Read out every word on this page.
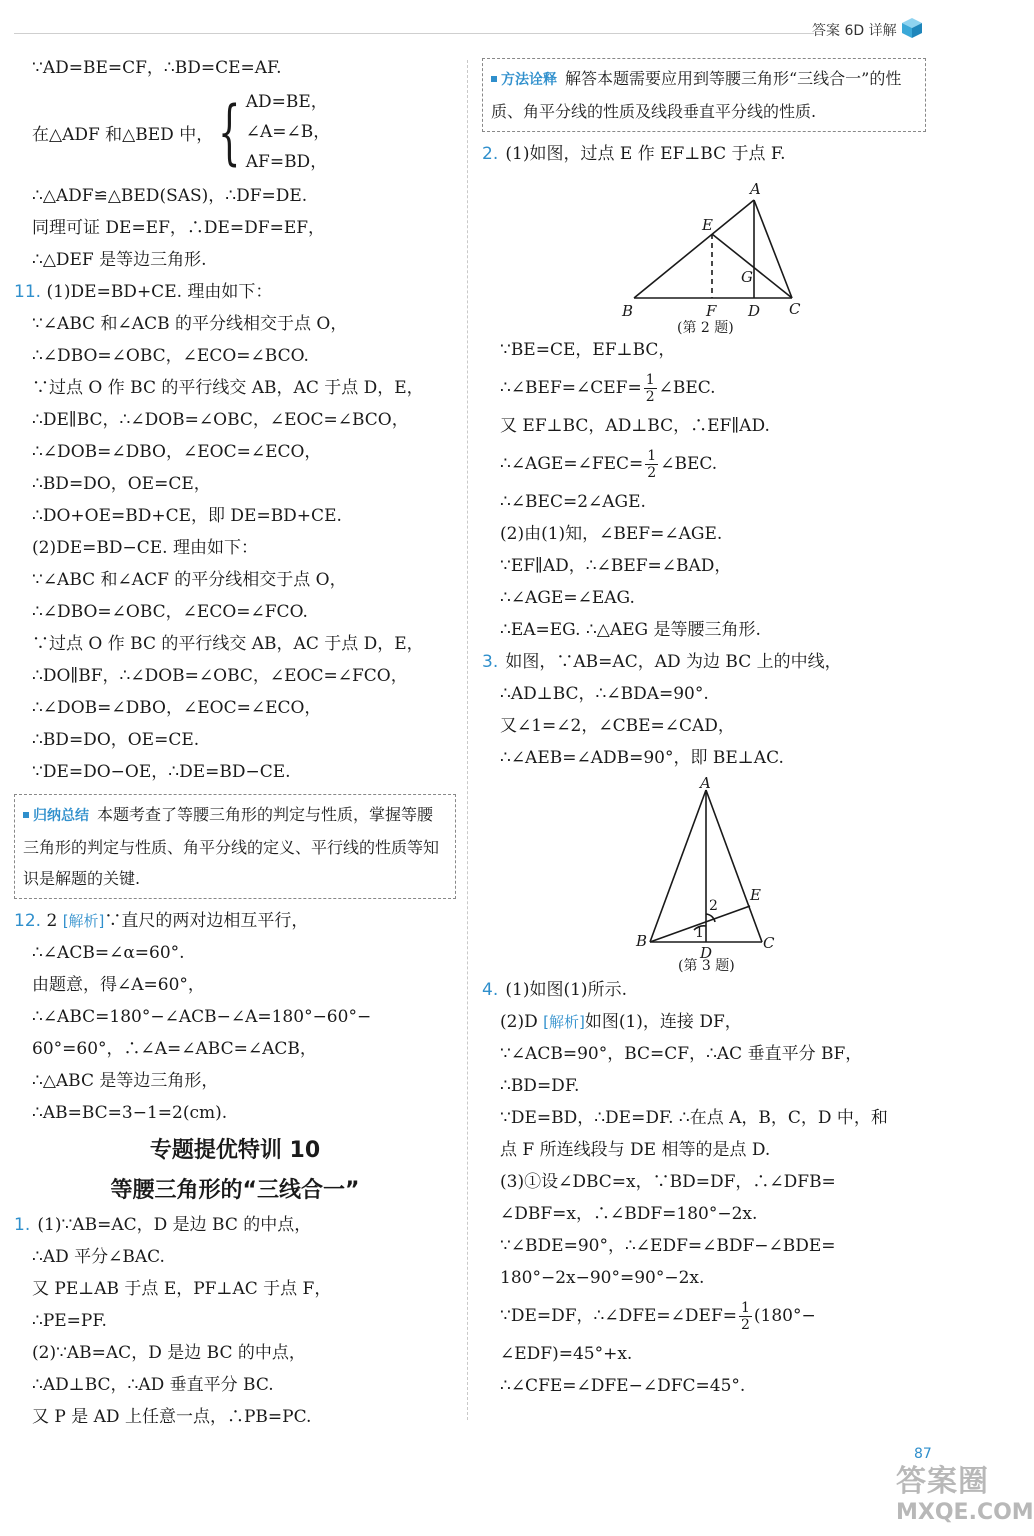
答案 6D 详解
∵AD=BE=CF，∴BD=CE=AF.
在△ADF 和△BED 中， { AD=BE，
∠A=∠B，
AF=BD，
∴△ADF≌△BED(SAS)，∴DF=DE.
同理可证 DE=EF，∴DE=DF=EF，
∴△DEF 是等边三角形.
11. (1)DE=BD+CE. 理由如下：
∵∠ABC 和∠ACB 的平分线相交于点 O，
∴∠DBO=∠OBC，∠ECO=∠BCO.
∵过点 O 作 BC 的平行线交 AB，AC 于点 D，E，
∴DE∥BC，∴∠DOB=∠OBC，∠EOC=∠BCO，
∴∠DOB=∠DBO，∠EOC=∠ECO，
∴BD=DO，OE=CE，
∴DO+OE=BD+CE，即 DE=BD+CE.
(2)DE=BD−CE. 理由如下：
∵∠ABC 和∠ACF 的平分线相交于点 O，
∴∠DBO=∠OBC，∠ECO=∠FCO.
∵过点 O 作 BC 的平行线交 AB，AC 于点 D，E，
∴DO∥BF，∴∠DOB=∠OBC，∠EOC=∠FCO，
∴∠DOB=∠DBO，∠EOC=∠ECO，
∴BD=DO，OE=CE.
∵DE=DO−OE，∴DE=BD−CE.
归纳总结 本题考查了等腰三角形的判定与性质，掌握等腰三角形的判定与性质、角平分线的定义、平行线的性质等知识是解题的关键.
12. 2 [解析]∵直尺的两对边相互平行，
∴∠ACB=∠α=60°.
由题意，得∠A=60°，
∴∠ABC=180°−∠ACB−∠A=180°−60°−
60°=60°，∴∠A=∠ABC=∠ACB，
∴△ABC 是等边三角形，
∴AB=BC=3−1=2(cm).
专题提优特训 10
等腰三角形的“三线合一”
1. (1)∵AB=AC，D 是边 BC 的中点，
∴AD 平分∠BAC.
又 PE⊥AB 于点 E，PF⊥AC 于点 F，
∴PE=PF.
(2)∵AB=AC，D 是边 BC 的中点，
∴AD⊥BC，∴AD 垂直平分 BC.
又 P 是 AD 上任意一点，∴PB=PC.
方法诠释 解答本题需要应用到等腰三角形“三线合一”的性质、角平分线的性质及线段垂直平分线的性质.
2. (1)如图，过点 E 作 EF⊥BC 于点 F.
A
E
G
B	F D C
(第 2 题)
∵BE=CE，EF⊥BC，
∴∠BEF=∠CEF= $\frac{1}{2}$ ∠BEC.
又 EF⊥BC，AD⊥BC，∴EF∥AD.
∴∠AGE=∠FEC= $\frac{1}{2}$ ∠BEC.
∴∠BEC=2∠AGE.
(2)由(1)知，∠BEF=∠AGE.
∵EF∥AD，∴∠BEF=∠BAD，
∴∠AGE=∠EAG.
∴EA=EG. ∴△AEG 是等腰三角形.
3. 如图，∵AB=AC，AD 为边 BC 上的中线，
∴AD⊥BC，∴∠BDA=90°.
又∠1=∠2，∠CBE=∠CAD，
∴∠AEB=∠ADB=90°，即 BE⊥AC.
A
E
2
1
B
D
C
(第 3 题)
4. (1)如图(1)所示.
(2)D [解析]如图(1)，连接 DF，
∵∠ACB=90°，BC=CF，∴AC 垂直平分 BF，
∴BD=DF.
∵DE=BD，∴DE=DF. ∴在点 A，B，C，D 中，和
点 F 所连线段与 DE 相等的是点 D.
(3)①设∠DBC=x，∵BD=DF，∴∠DFB=
∠DBF=x，∴∠BDF=180°−2x.
∵∠BDE=90°，∴∠EDF=∠BDF−∠BDE=
180°−2x−90°=90°−2x.
∵DE=DF，∴∠DFE=∠DEF= $\frac{1}{2} (180^\circ-$
∠EDF)=45°+x.
∴∠CFE=∠DFE−∠DFC=45°.
87
答案圈
MXQE.COM
